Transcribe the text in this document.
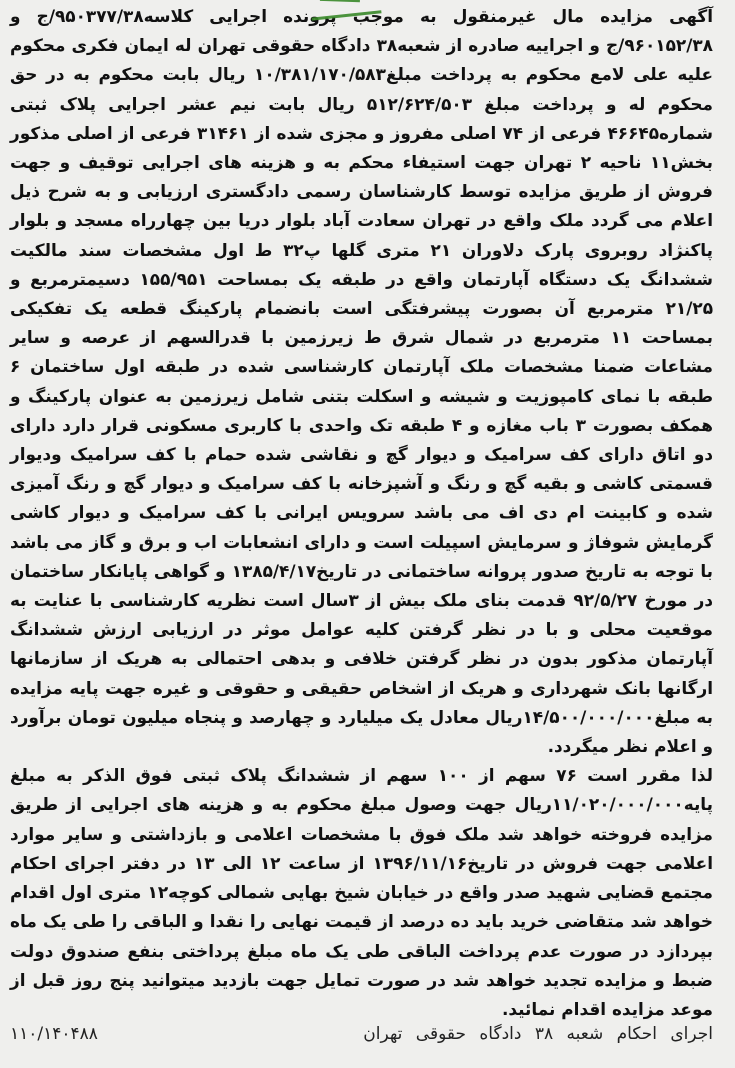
آگهی مزایده مال غیرمنقول به موجب پرونده اجرایی کلاسه۹۵۰۳۷۷/۳۸/ج و ۹۶۰۱۵۲/۳۸/ج و اجراییه صادره از شعبه۳۸ دادگاه حقوقی تهران له ایمان فکری محکوم علیه علی لامع محکوم به پرداخت مبلغ۱۰/۳۸۱/۱۷۰/۵۸۳ ریال بابت محکوم به در حق محکوم له و پرداخت مبلغ ۵۱۲/۶۲۴/۵۰۳ ریال بابت نیم عشر اجرایی پلاک ثبتی شماره۴۶۶۴۵ فرعی از ۷۴ اصلی مفروز و مجزی شده از ۳۱۴۶۱ فرعی از اصلی مذکور بخش۱۱ ناحیه ۲ تهران جهت استیفاء محکم به و هزینه های اجرایی توقیف و جهت فروش از طریق مزایده توسط کارشناسان رسمی دادگستری ارزیابی و به شرح ذیل اعلام می گردد ملک واقع در تهران سعادت آباد بلوار دریا بین چهارراه مسجد و بلوار پاکنژاد روبروی پارک دلاوران ۲۱ متری گلها پ۳۲ ط اول مشخصات سند مالکیت ششدانگ یک دستگاه آپارتمان واقع در طبقه یک بمساحت ۱۵۵/۹۵۱ دسیمترمربع و ۲۱/۲۵ مترمربع آن بصورت پیشرفتگی است بانضمام پارکینگ قطعه یک تفکیکی بمساحت ۱۱ مترمربع در شمال شرق ط زیرزمین با قدرالسهم از عرصه و سایر مشاعات ضمنا مشخصات ملک آپارتمان کارشناسی شده در طبقه اول ساختمان ۶ طبقه با نمای کامپوزیت و شیشه و اسکلت بتنی شامل زیرزمین به عنوان پارکینگ و همکف بصورت ۳ باب مغازه و ۴ طبقه تک واحدی با کاربری مسکونی قرار دارد دارای دو اتاق دارای کف سرامیک و دیوار گچ و نقاشی شده حمام با کف سرامیک ودیوار قسمتی کاشی و بقیه گچ و رنگ و آشپزخانه با کف سرامیک و دیوار گچ و رنگ آمیزی شده و کابینت ام دی اف می باشد سرویس ایرانی با کف سرامیک و دیوار کاشی گرمایش شوفاژ و سرمایش اسپیلت است و دارای انشعابات اب و برق و گاز می باشد با توجه به تاریخ صدور پروانه ساختمانی در تاریخ۱۳۸۵/۴/۱۷ و گواهی پایانکار ساختمان در مورخ ۹۲/۵/۲۷ قدمت بنای ملک بیش از ۳سال است نظریه کارشناسی با عنایت به موقعیت محلی و با در نظر گرفتن کلیه عوامل موثر در ارزیابی ارزش ششدانگ آپارتمان مذکور بدون در نظر گرفتن خلافی و بدهی احتمالی به هریک از سازمانها ارگانها بانک شهرداری و هریک از اشخاص حقیقی و حقوقی و غیره جهت پایه مزایده به مبلغ۱۴/۵۰۰/۰۰۰/۰۰۰ریال معادل یک میلیارد و چهارصد و پنجاه میلیون تومان برآورد و اعلام نظر میگردد.

لذا مقرر است ۷۶ سهم از ۱۰۰ سهم از ششدانگ پلاک ثبتی فوق الذکر به مبلغ پایه۱۱/۰۲۰/۰۰۰/۰۰۰ریال جهت وصول مبلغ محکوم به و هزینه های اجرایی از طریق مزایده فروخته خواهد شد ملک فوق با مشخصات اعلامی و بازداشتی و سایر موارد اعلامی جهت فروش در تاریخ۱۳۹۶/۱۱/۱۶ از ساعت ۱۲ الی ۱۳ در دفتر اجرای احکام مجتمع قضایی شهید صدر واقع در خیابان شیخ بهایی شمالی کوچه۱۲ متری اول اقدام خواهد شد متقاضی خرید باید ده درصد از قیمت نهایی را نقدا و الباقی را طی یک ماه بپردازد در صورت عدم پرداخت الباقی طی یک ماه مبلغ پرداختی بنفع صندوق دولت ضبط و مزایده تجدید خواهد شد در صورت تمایل جهت بازدید میتوانید پنج روز قبل از موعد مزایده اقدام نمائید.

۱۱۰/۱۴۰۴۸۸	اجرای احکام شعبه ۳۸ دادگاه حقوقی تهران
